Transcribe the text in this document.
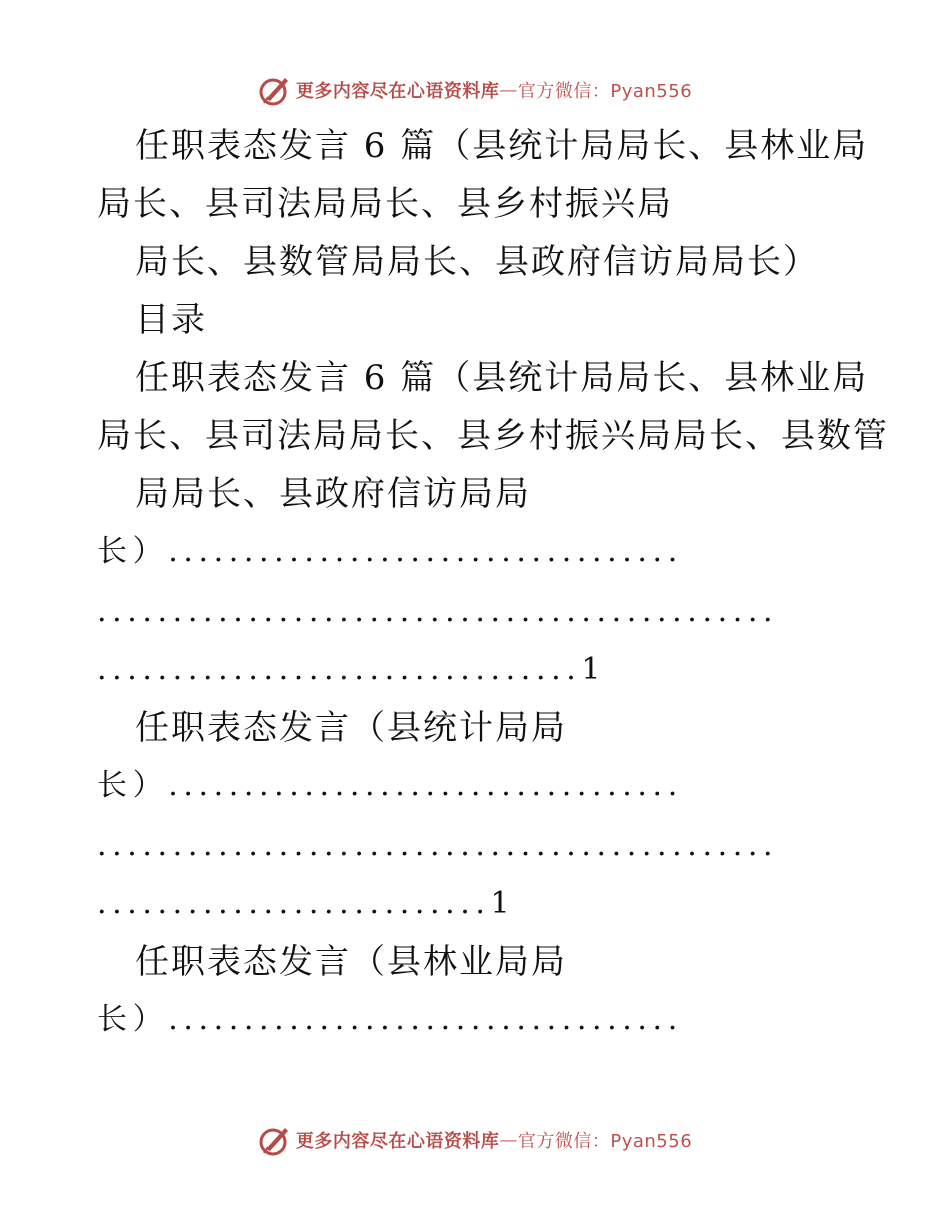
更多内容尽在心语资料库 — 官方微信：Pyan556
任职表态发言 6 篇（县统计局局长、县林业局
局长、县司法局局长、县乡村振兴局
局长、县数管局局长、县政府信访局局长）
目录
任职表态发言 6 篇（县统计局局长、县林业局
局长、县司法局局长、县乡村振兴局局长、县数管
局局长、县政府信访局局
长）..................................
.............................................
................................1
任职表态发言（县统计局局
长）..................................
.............................................
..........................1
任职表态发言（县林业局局
长）..................................
更多内容尽在心语资料库 — 官方微信：Pyan556
